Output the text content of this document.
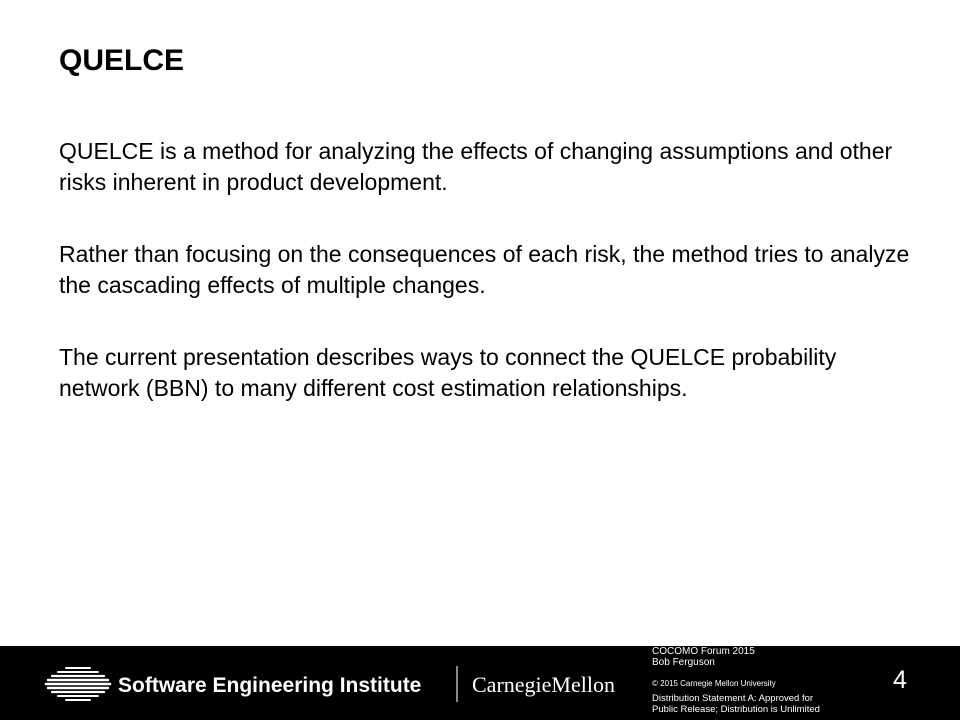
QUELCE

QUELCE is a method for analyzing the effects of changing assumptions and other risks inherent in product development.

Rather than focusing on the consequences of each risk, the method tries to analyze the cascading effects of multiple changes.

The current presentation describes ways to connect the QUELCE probability network (BBN) to many different cost estimation relationships.

Software Engineering Institute CarnegieMellon
COCOMO Forum 2015
Bob Ferguson
© 2015 Carnegie Mellon University
Distribution Statement A: Approved for
Public Release; Distribution is Unlimited
4
